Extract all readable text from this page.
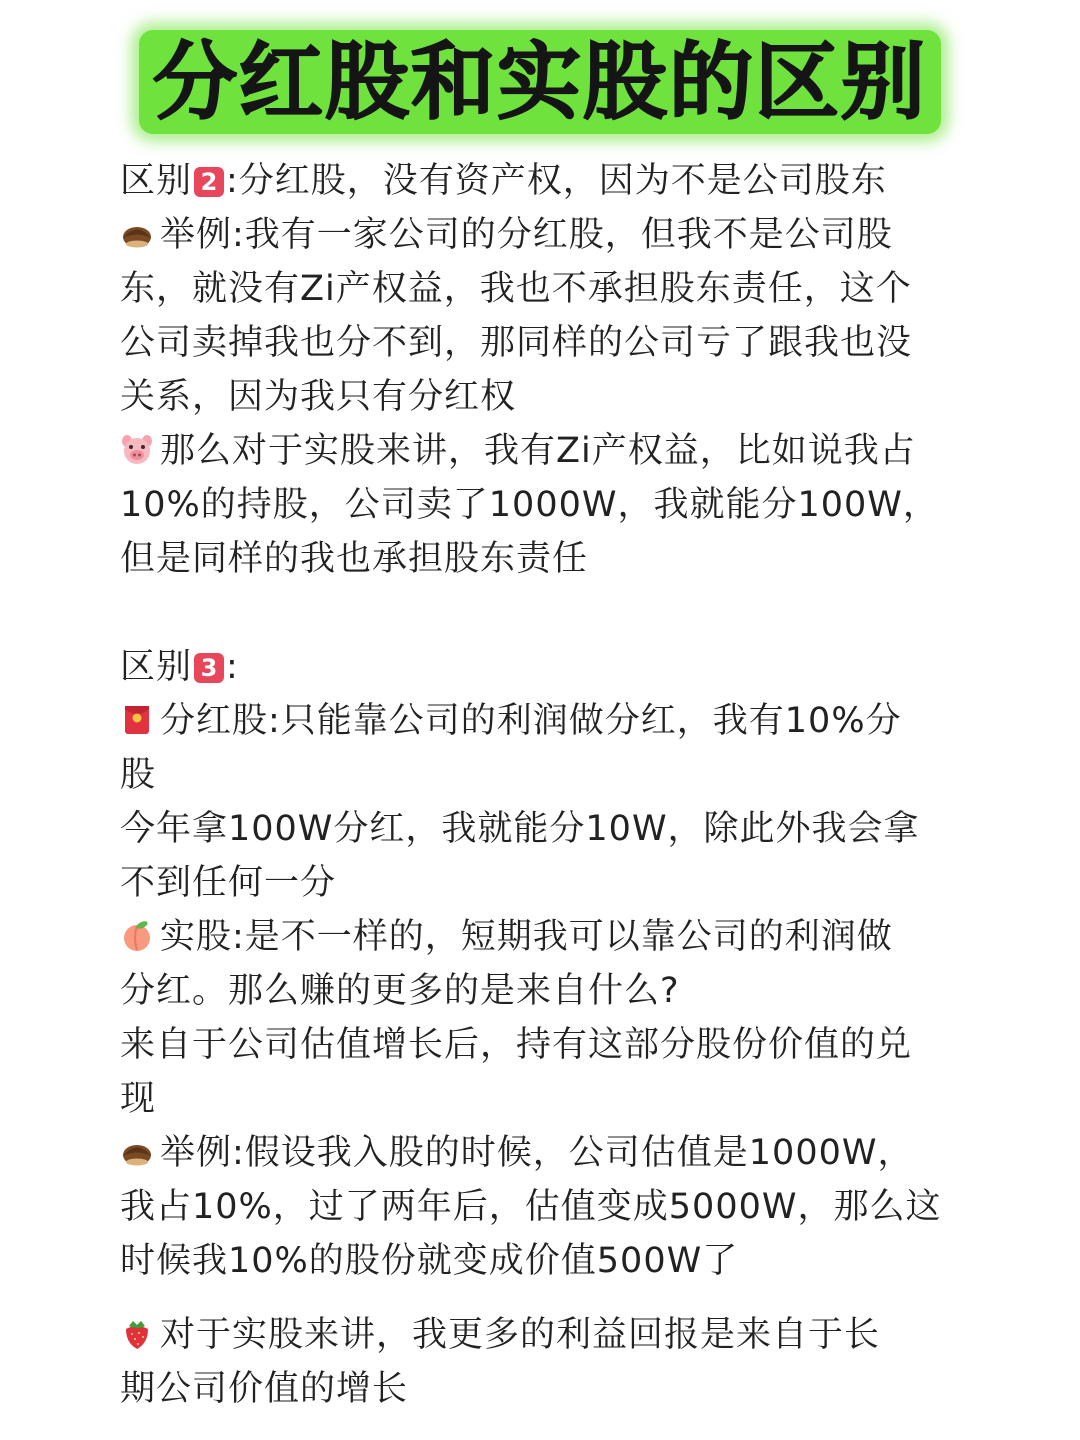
分红股和实股的区别
区别 2 :分红股，没有资产权，因为不是公司股东
举例:我有一家公司的分红股，但我不是公司股
东，就没有Zi产权益，我也不承担股东责任，这个
公司卖掉我也分不到，那同样的公司亏了跟我也没
关系，因为我只有分红权
那么对于实股来讲，我有Zi产权益，比如说我占
10%的持股，公司卖了1000W，我就能分100W，
但是同样的我也承担股东责任
区别 3 :
分红股:只能靠公司的利润做分红，我有10%分
股
今年拿100W分红，我就能分10W，除此外我会拿
不到任何一分
实股:是不一样的，短期我可以靠公司的利润做
分红。那么赚的更多的是来自什么?
来自于公司估值增长后，持有这部分股份价值的兑
现
举例:假设我入股的时候，公司估值是1000W，
我占10%，过了两年后，估值变成5000W，那么这
时候我10%的股份就变成价值500W了
对于实股来讲，我更多的利益回报是来自于长
期公司价值的增长
